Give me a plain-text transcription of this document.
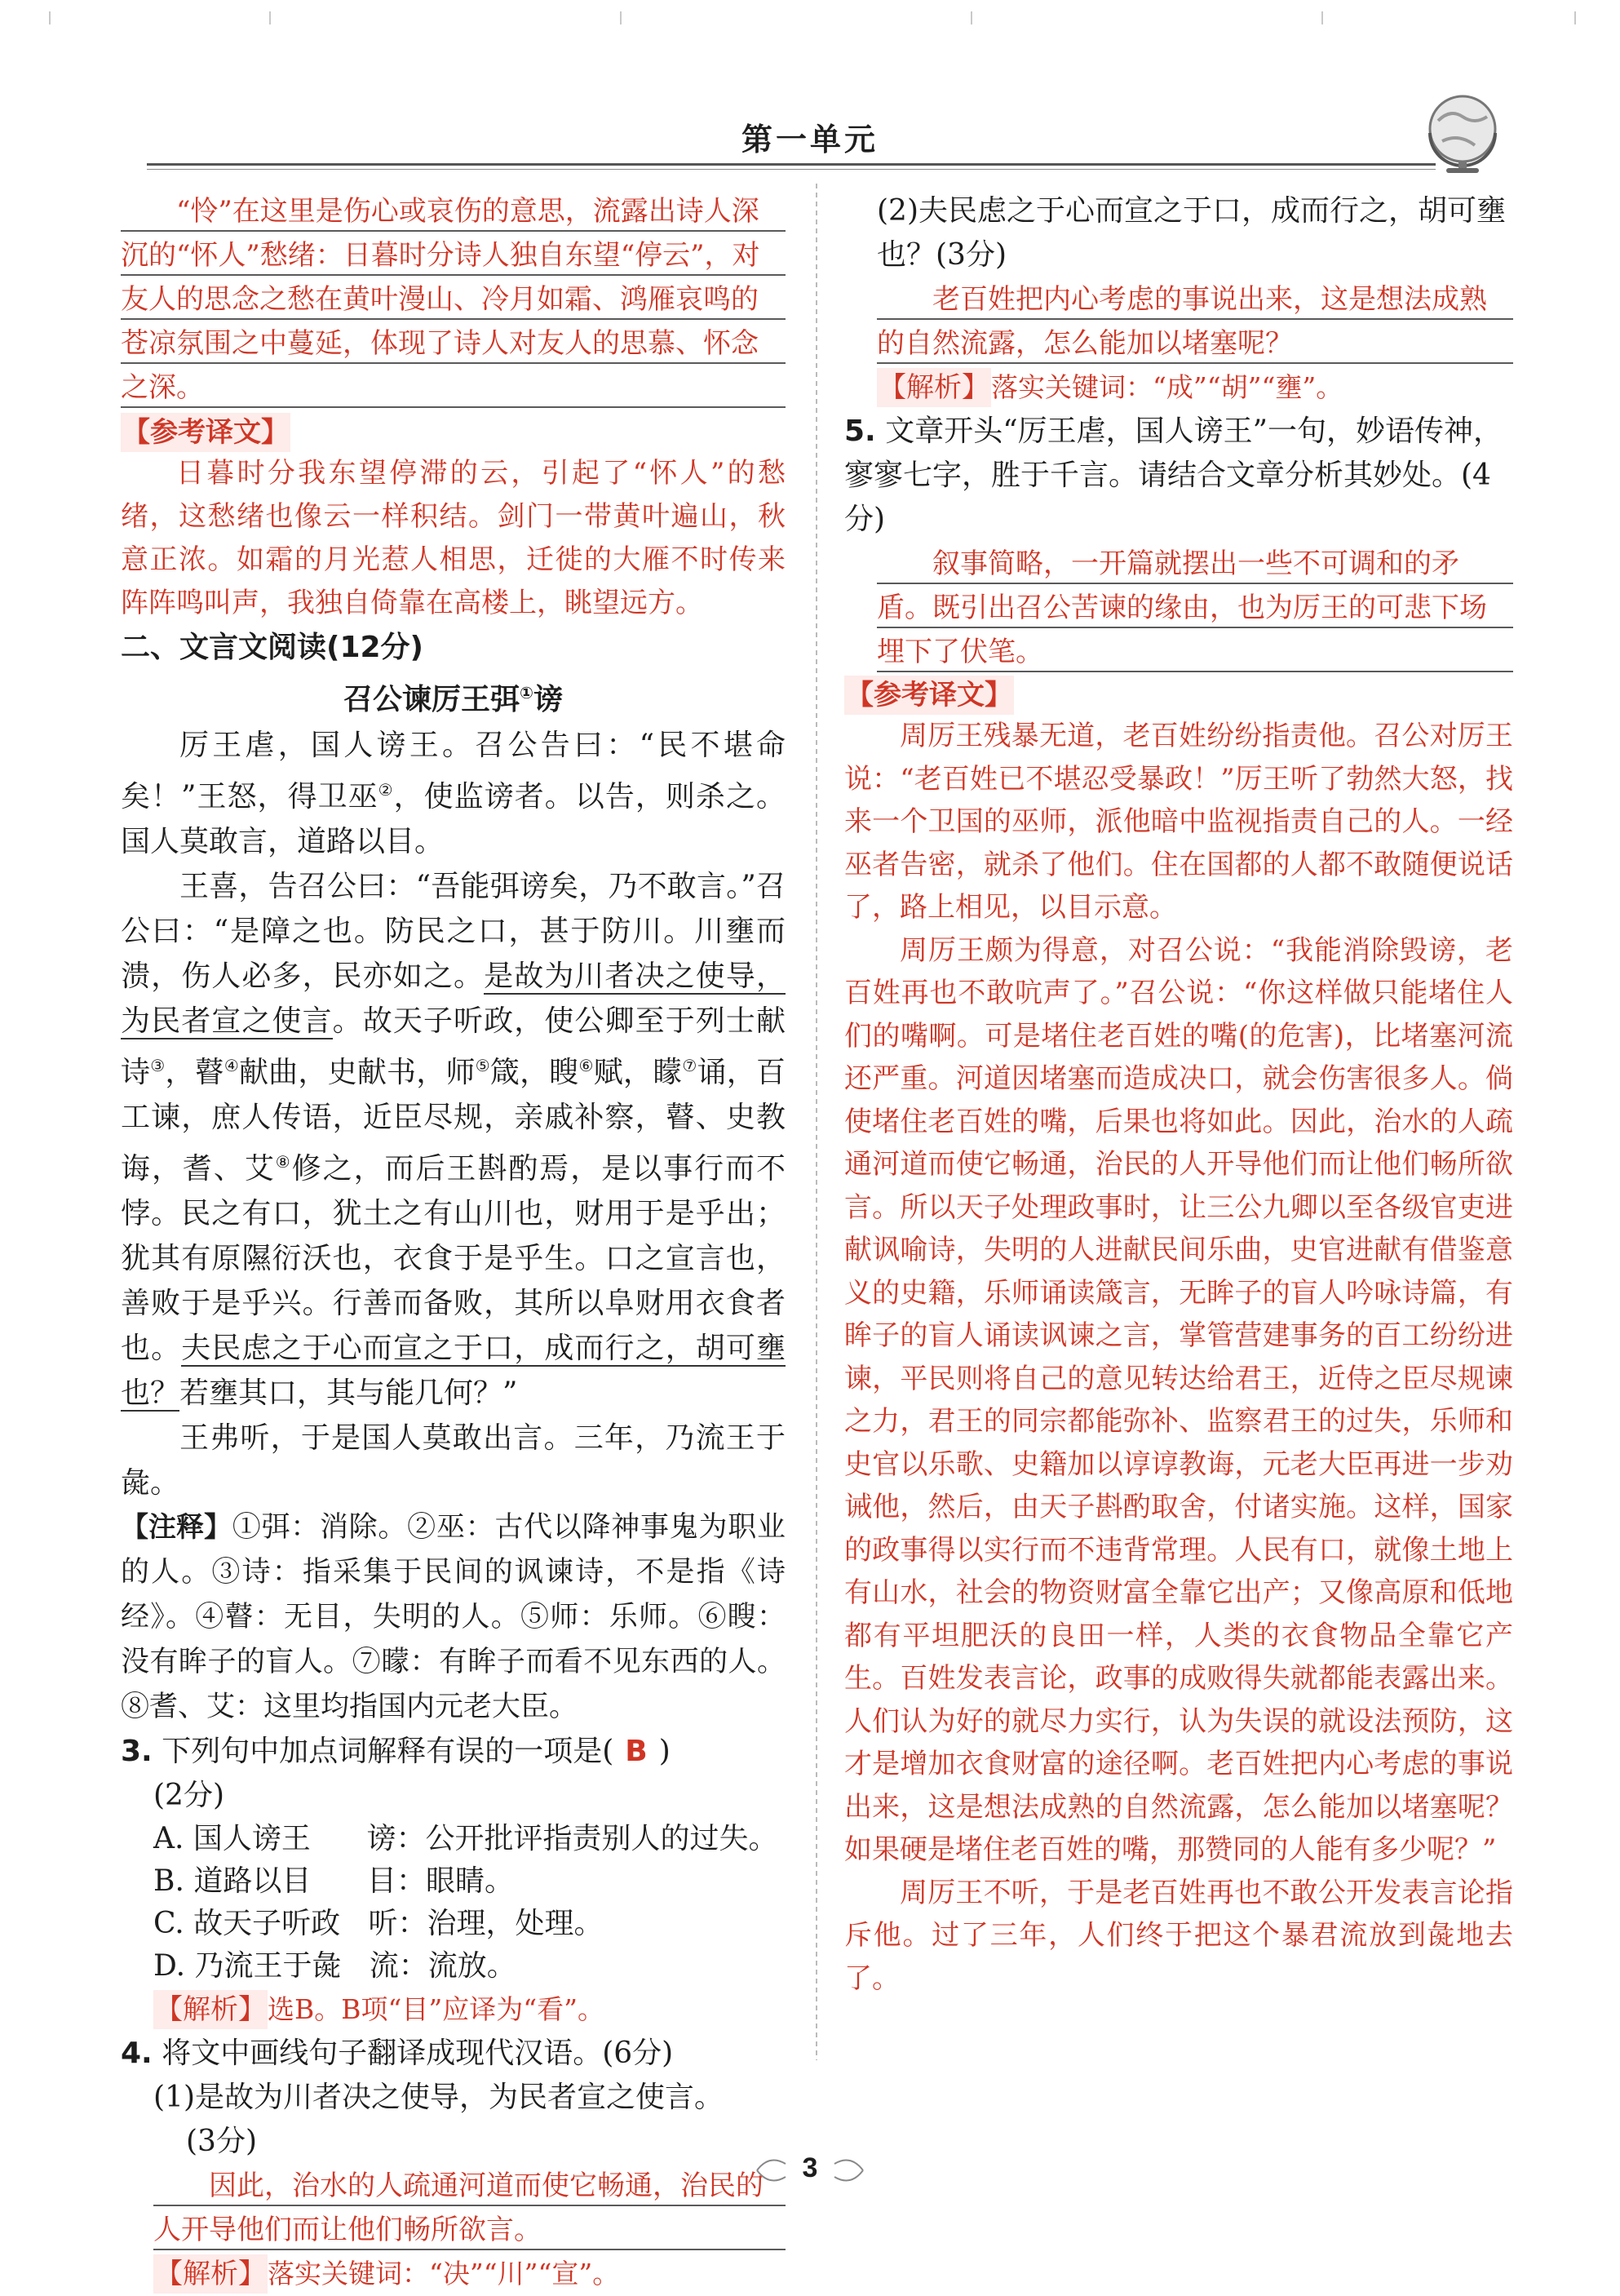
第一单元

“怜”在这里是伤心或哀伤的意思，流露出诗人深沉的“怀人”愁绪：日暮时分诗人独自东望“停云”，对友人的思念之愁在黄叶漫山、冷月如霜、鸿雁哀鸣的苍凉氛围之中蔓延，体现了诗人对友人的思慕、怀念之深。

【参考译文】

日暮时分我东望停滞的云，引起了“怀人”的愁绪，这愁绪也像云一样积结。剑门一带黄叶遍山，秋意正浓。如霜的月光惹人相思，迁徙的大雁不时传来阵阵鸣叫声，我独自倚靠在高楼上，眺望远方。

二、文言文阅读(12分)

召公谏厉王弭①谤

厉王虐，国人谤王。召公告曰：“民不堪命矣！”王怒，得卫巫②，使监谤者。以告，则杀之。国人莫敢言，道路以目。

王喜，告召公曰：“吾能弭谤矣，乃不敢言。”召公曰：“是障之也。防民之口，甚于防川。川壅而溃，伤人必多，民亦如之。是故为川者决之使导，为民者宣之使言。故天子听政，使公卿至于列士献诗③，瞽④献曲，史献书，师⑤箴，瞍⑥赋，矇⑦诵，百工谏，庶人传语，近臣尽规，亲戚补察，瞽、史教诲，耆、艾⑧修之，而后王斟酌焉，是以事行而不悖。民之有口，犹土之有山川也，财用于是乎出；犹其有原隰衍沃也，衣食于是乎生。口之宣言也，善败于是乎兴。行善而备败，其所以阜财用衣食者也。夫民虑之于心而宣之于口，成而行之，胡可壅也？若壅其口，其与能几何？”

王弗听，于是国人莫敢出言。三年，乃流王于彘。

【注释】①弭：消除。②巫：古代以降神事鬼为职业的人。③诗：指采集于民间的讽谏诗，不是指《诗经》。④瞽：无目，失明的人。⑤师：乐师。⑥瞍：没有眸子的盲人。⑦矇：有眸子而看不见东西的人。⑧耆、艾：这里均指国内元老大臣。

3. 下列句中加点词解释有误的一项是( B )

(2分)

A. 国人谤王      谤：公开批评指责别人的过失。

B. 道路以目      目：眼睛。

C. 故天子听政   听：治理，处理。

D. 乃流王于彘   流：流放。

【解析】选B。B项“目”应译为“看”。

4. 将文中画线句子翻译成现代汉语。(6分)

(1)是故为川者决之使导，为民者宣之使言。

(3分)

因此，治水的人疏通河道而使它畅通，治民的人开导他们而让他们畅所欲言。

【解析】落实关键词：“决”“川”“宣”。

(2)夫民虑之于心而宣之于口，成而行之，胡可壅也？(3分)

老百姓把内心考虑的事说出来，这是想法成熟的自然流露，怎么能加以堵塞呢？

【解析】落实关键词：“成”“胡”“壅”。

5. 文章开头“厉王虐，国人谤王”一句，妙语传神，寥寥七字，胜于千言。请结合文章分析其妙处。(4分)

叙事简略，一开篇就摆出一些不可调和的矛盾。既引出召公苦谏的缘由，也为厉王的可悲下场埋下了伏笔。

【参考译文】

周厉王残暴无道，老百姓纷纷指责他。召公对厉王说：“老百姓已不堪忍受暴政！”厉王听了勃然大怒，找来一个卫国的巫师，派他暗中监视指责自己的人。一经巫者告密，就杀了他们。住在国都的人都不敢随便说话了，路上相见，以目示意。

周厉王颇为得意，对召公说：“我能消除毁谤，老百姓再也不敢吭声了。”召公说：“你这样做只能堵住人们的嘴啊。可是堵住老百姓的嘴(的危害)，比堵塞河流还严重。河道因堵塞而造成决口，就会伤害很多人。倘使堵住老百姓的嘴，后果也将如此。因此，治水的人疏通河道而使它畅通，治民的人开导他们而让他们畅所欲言。所以天子处理政事时，让三公九卿以至各级官吏进献讽喻诗，失明的人进献民间乐曲，史官进献有借鉴意义的史籍，乐师诵读箴言，无眸子的盲人吟咏诗篇，有眸子的盲人诵读讽谏之言，掌管营建事务的百工纷纷进谏，平民则将自己的意见转达给君王，近侍之臣尽规谏之力，君王的同宗都能弥补、监察君王的过失，乐师和史官以乐歌、史籍加以谆谆教诲，元老大臣再进一步劝诫他，然后，由天子斟酌取舍，付诸实施。这样，国家的政事得以实行而不违背常理。人民有口，就像土地上有山水，社会的物资财富全靠它出产；又像高原和低地都有平坦肥沃的良田一样，人类的衣食物品全靠它产生。百姓发表言论，政事的成败得失就都能表露出来。人们认为好的就尽力实行，认为失误的就设法预防，这才是增加衣食财富的途径啊。老百姓把内心考虑的事说出来，这是想法成熟的自然流露，怎么能加以堵塞呢？如果硬是堵住老百姓的嘴，那赞同的人能有多少呢？”

周厉王不听，于是老百姓再也不敢公开发表言论指斥他。过了三年，人们终于把这个暴君流放到彘地去了。

3
